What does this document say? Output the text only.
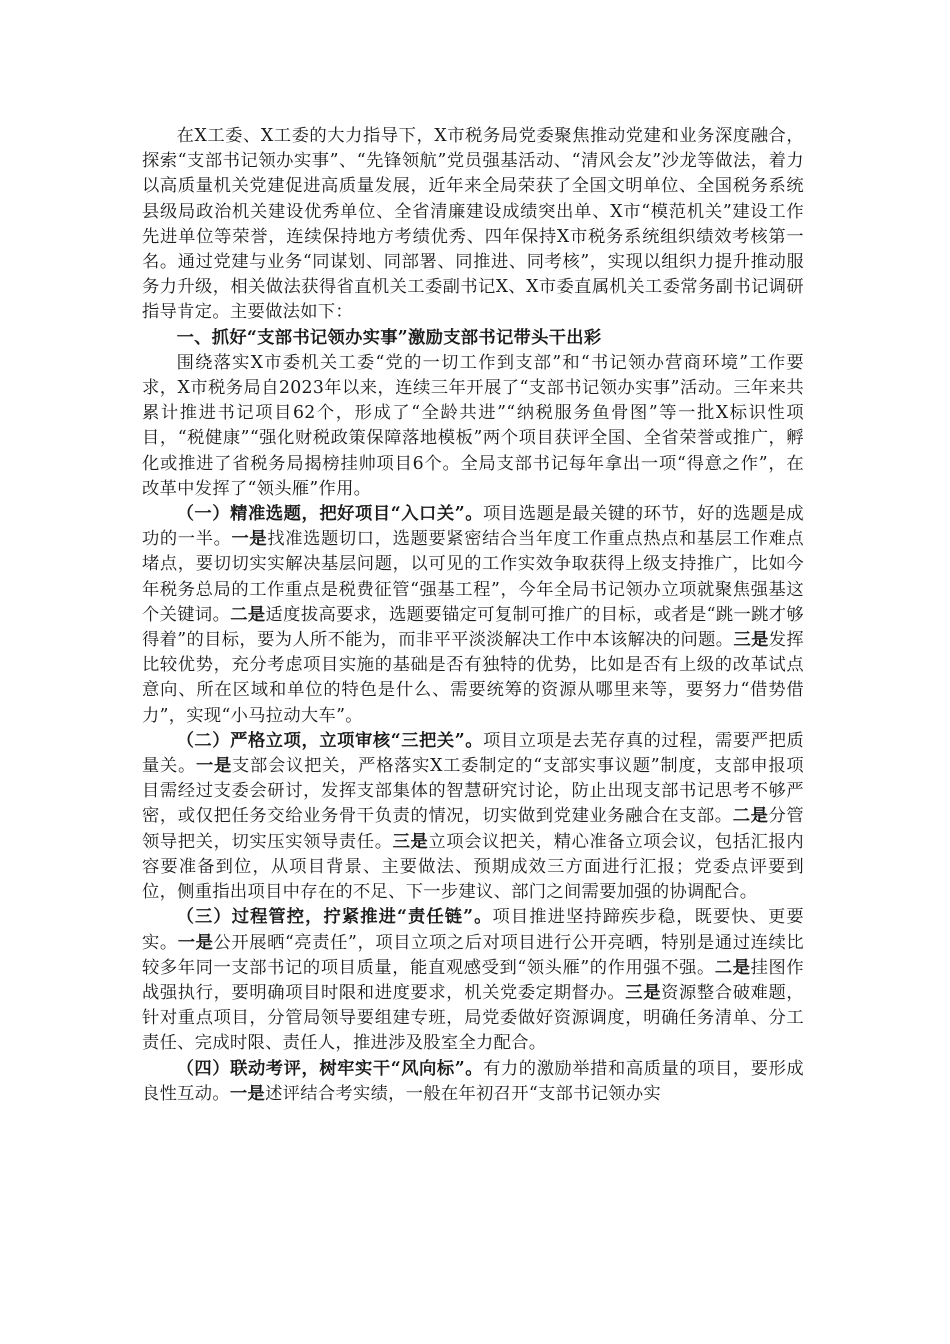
在X工委、X工委的大力指导下，X市税务局党委聚焦推动党建和业务深度融合，探索“支部书记领办实事”、“先锋领航”党员强基活动、“清风会友”沙龙等做法，着力以高质量机关党建促进高质量发展，近年来全局荣获了全国文明单位、全国税务系统县级局政治机关建设优秀单位、全省清廉建设成绩突出单、X市“模范机关”建设工作先进单位等荣誉，连续保持地方考绩优秀、四年保持X市税务系统组织绩效考核第一名。通过党建与业务“同谋划、同部署、同推进、同考核”，实现以组织力提升推动服务力升级，相关做法获得省直机关工委副书记X、X市委直属机关工委常务副书记调研指导肯定。主要做法如下：

一、抓好“支部书记领办实事”激励支部书记带头干出彩

围绕落实X市委机关工委“党的一切工作到支部”和“书记领办营商环境”工作要求，X市税务局自2023年以来，连续三年开展了“支部书记领办实事”活动。三年来共累计推进书记项目62个，形成了“全龄共进”“纳税服务鱼骨图”等一批X标识性项目，“税健康”“强化财税政策保障落地模板”两个项目获评全国、全省荣誉或推广，孵化或推进了省税务局揭榜挂帅项目6个。全局支部书记每年拿出一项“得意之作”，在改革中发挥了“领头雁”作用。

（一）精准选题，把好项目“入口关”。项目选题是最关键的环节，好的选题是成功的一半。一是找准选题切口，选题要紧密结合当年度工作重点热点和基层工作难点堵点，要切切实实解决基层问题，以可见的工作实效争取获得上级支持推广，比如今年税务总局的工作重点是税费征管“强基工程”，今年全局书记领办立项就聚焦强基这个关键词。二是适度拔高要求，选题要锚定可复制可推广的目标，或者是“跳一跳才够得着”的目标，要为人所不能为，而非平平淡淡解决工作中本该解决的问题。三是发挥比较优势，充分考虑项目实施的基础是否有独特的优势，比如是否有上级的改革试点意向、所在区域和单位的特色是什么、需要统筹的资源从哪里来等，要努力“借势借力”，实现“小马拉动大车”。

（二）严格立项，立项审核“三把关”。项目立项是去芜存真的过程，需要严把质量关。一是支部会议把关，严格落实X工委制定的“支部实事议题”制度，支部申报项目需经过支委会研讨，发挥支部集体的智慧研究讨论，防止出现支部书记思考不够严密，或仅把任务交给业务骨干负责的情况，切实做到党建业务融合在支部。二是分管领导把关，切实压实领导责任。三是立项会议把关，精心准备立项会议，包括汇报内容要准备到位，从项目背景、主要做法、预期成效三方面进行汇报；党委点评要到位，侧重指出项目中存在的不足、下一步建议、部门之间需要加强的协调配合。

（三）过程管控，拧紧推进“责任链”。项目推进坚持蹄疾步稳，既要快、更要实。一是公开展晒“亮责任”，项目立项之后对项目进行公开亮晒，特别是通过连续比较多年同一支部书记的项目质量，能直观感受到“领头雁”的作用强不强。二是挂图作战强执行，要明确项目时限和进度要求，机关党委定期督办。三是资源整合破难题，针对重点项目，分管局领导要组建专班，局党委做好资源调度，明确任务清单、分工责任、完成时限、责任人，推进涉及股室全力配合。

（四）联动考评，树牢实干“风向标”。有力的激励举措和高质量的项目，要形成良性互动。一是述评结合考实绩，一般在年初召开“支部书记领办实
